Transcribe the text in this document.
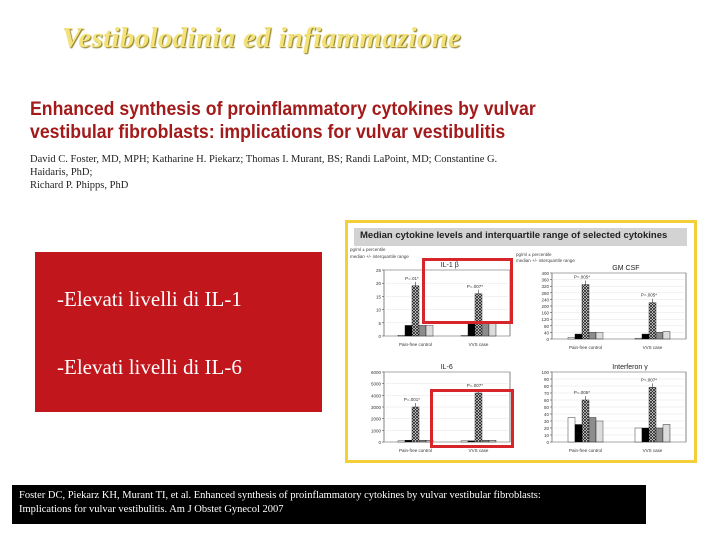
Vestibolodinia ed infiammazione
Enhanced synthesis of proinflammatory cytokines by vulvar
vestibular fibroblasts: implications for vulvar vestibulitis
David C. Foster, MD, MPH; Katharine H. Piekarz; Thomas I. Murant, BS; Randi LaPoint, MD; Constantine G. Haidaris, PhD;
Richard P. Phipps, PhD
-Elevati livelli di IL-1
-Elevati livelli di IL-6
Median cytokine levels and interquartile range of selected cytokines
pg/ml ± percentile
median +/- interquartile range	pg/ml ± percentile
median +/- interquartile range
IL-1 β
0
5
10
15
20
25
Pain-free control
P=.01*
VVS case
P=.007*
GM CSF
0
40
80
120
160
200
240
280
320
360
400
Pain-free control
P=.005*
VVS case
P=.005*
IL-6
0
1000
2000
3000
4000
5000
6000
Pain-free control
P=.001*
VVS case
P=.007*
Interferon γ
0
10
20
30
40
50
60
70
80
90
100
Pain-free control
P=.005*
VVS case
P=.007*
Foster DC, Piekarz KH, Murant TI, et al. Enhanced synthesis of proinflammatory cytokines by vulvar vestibular fibroblasts:
Implications for vulvar vestibulitis. Am J Obstet Gynecol 2007
